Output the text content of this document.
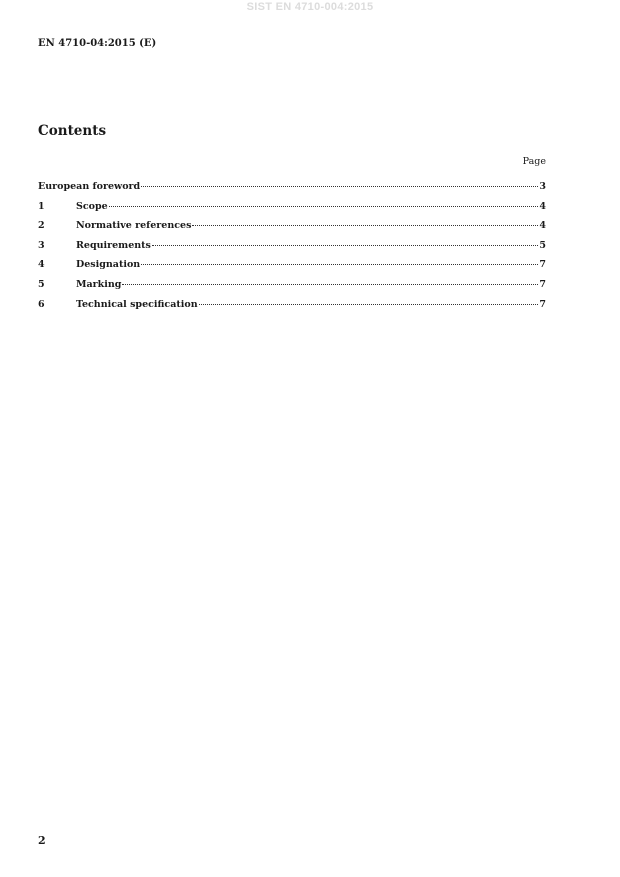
SIST EN 4710-004:2015
EN 4710-04:2015 (E)
Contents
Page
European foreword	3
1	Scope	4
2	Normative references	4
3	Requirements	5
4	Designation	7
5	Marking	7
6	Technical specification	7
2
